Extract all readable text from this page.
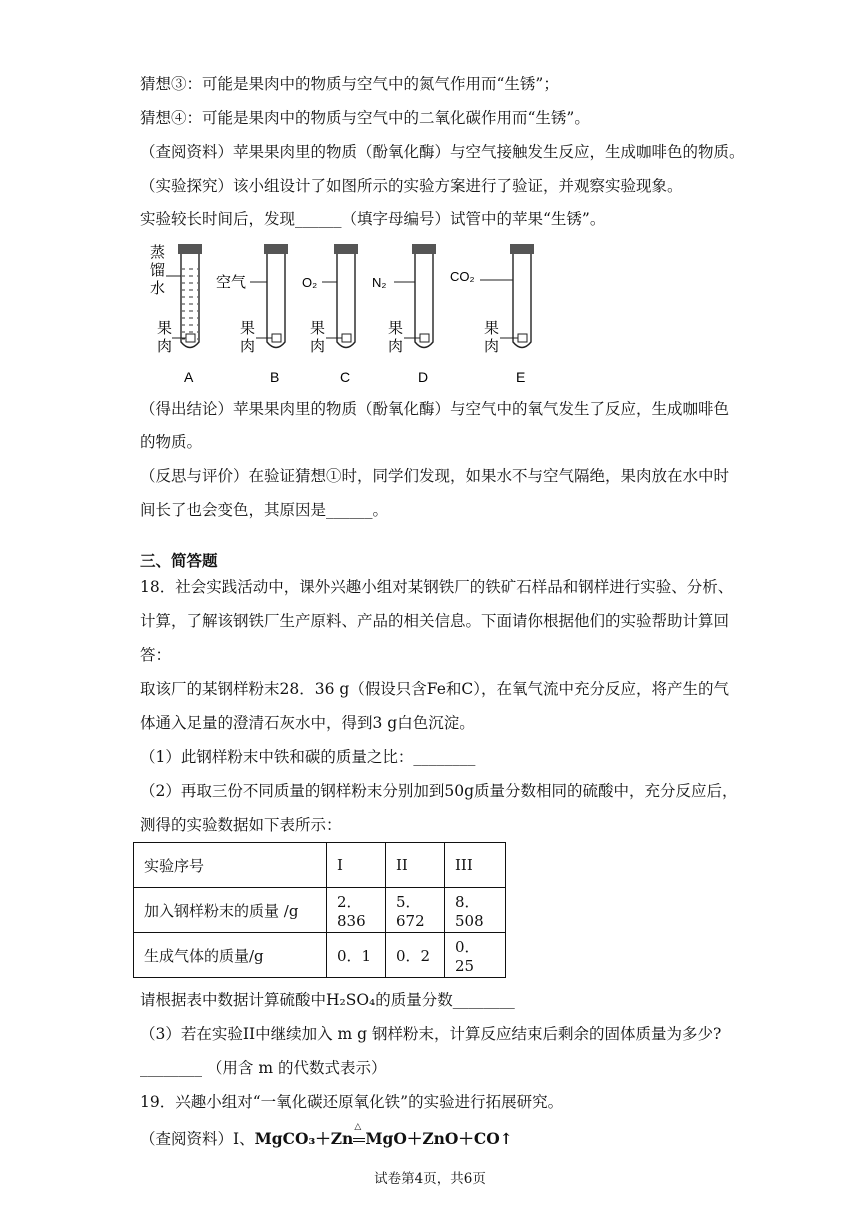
猜想③：可能是果肉中的物质与空气中的氮气作用而“生锈”；
猜想④：可能是果肉中的物质与空气中的二氧化碳作用而“生锈”。
（查阅资料）苹果果肉里的物质（酚氧化酶）与空气接触发生反应，生成咖啡色的物质。
（实验探究）该小组设计了如图所示的实验方案进行了验证，并观察实验现象。
实验较长时间后，发现______（填字母编号）试管中的苹果“生锈”。
蒸
馏
水
果
肉
A
空气
果
肉
B
O₂
果
肉
C
N₂
果
肉
D
CO₂
果
肉
E
（得出结论）苹果果肉里的物质（酚氧化酶）与空气中的氧气发生了反应，生成咖啡色
的物质。
（反思与评价）在验证猜想①时，同学们发现，如果水不与空气隔绝，果肉放在水中时
间长了也会变色，其原因是______。
三、简答题
18．社会实践活动中，课外兴趣小组对某钢铁厂的铁矿石样品和钢样进行实验、分析、
计算，了解该钢铁厂生产原料、产品的相关信息。下面请你根据他们的实验帮助计算回
答：
取该厂的某钢样粉末28．36 g（假设只含Fe和C），在氧气流中充分反应，将产生的气
体通入足量的澄清石灰水中，得到3 g白色沉淀。
（1）此钢样粉末中铁和碳的质量之比：________
（2）再取三份不同质量的钢样粉末分别加到50g质量分数相同的硫酸中，充分反应后，
测得的实验数据如下表所示：
实验序号	I	II	III
加入钢样粉末的质量 /g	2．836	5．672	8．508
生成气体的质量/g	0．1	0．2	0．25
请根据表中数据计算硫酸中H₂SO₄的质量分数________
（3）若在实验II中继续加入 m g 钢样粉末，计算反应结束后剩余的固体质量为多少?
________ （用含 m 的代数式表示）
19．兴趣小组对“一氧化碳还原氧化铁”的实验进行拓展研究。
（查阅资料）Ⅰ、MgCO₃＋Zn
△
MgO＋ZnO＋CO↑
试卷第4页，共6页
